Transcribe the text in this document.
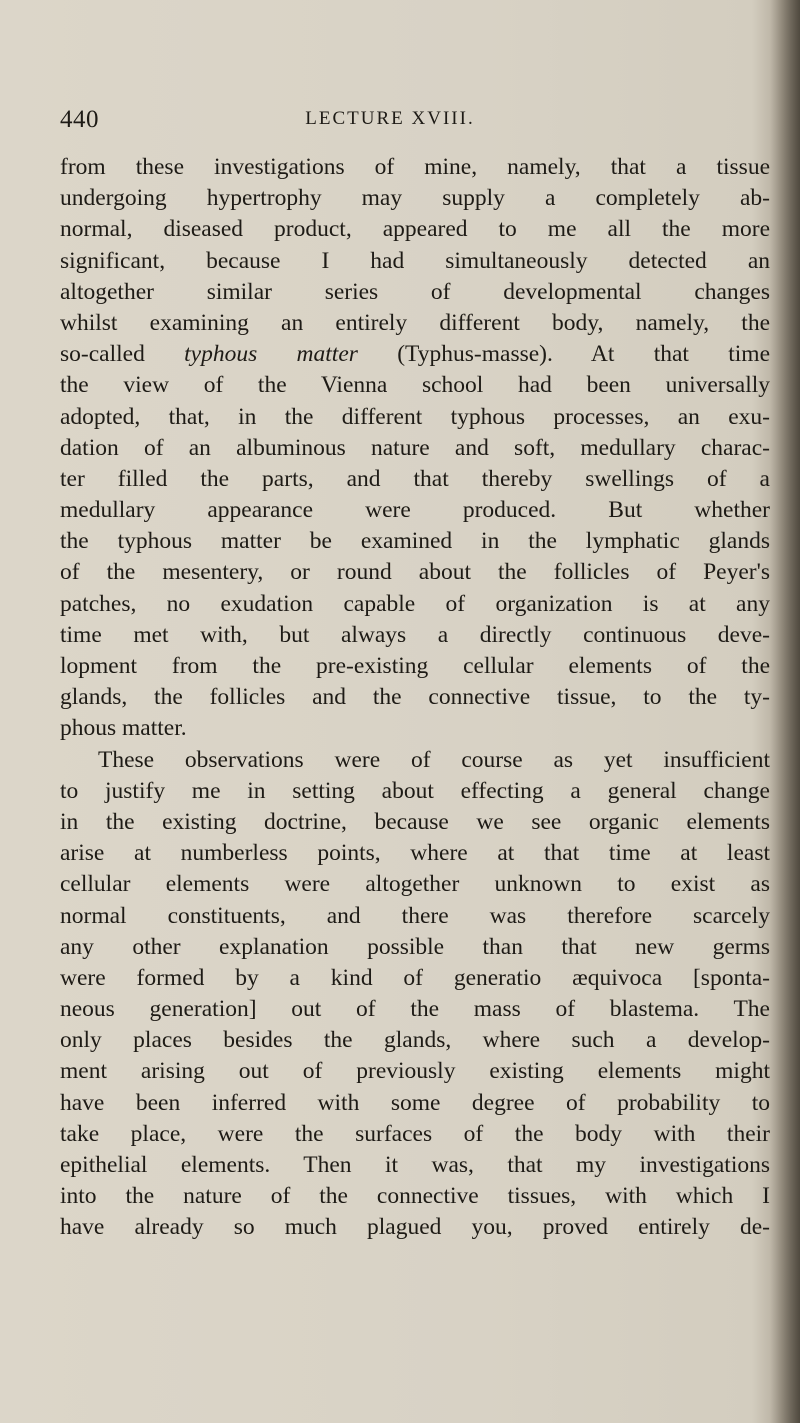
440	LECTURE XVIII.
from these investigations of mine, namely, that a tissue
undergoing hypertrophy may supply a completely ab-
normal, diseased product, appeared to me all the more
significant, because I had simultaneously detected an
altogether similar series of developmental changes
whilst examining an entirely different body, namely, the
so-called typhous matter (Typhus-masse). At that time
the view of the Vienna school had been universally
adopted, that, in the different typhous processes, an exu-
dation of an albuminous nature and soft, medullary charac-
ter filled the parts, and that thereby swellings of a
medullary appearance were produced. But whether
the typhous matter be examined in the lymphatic glands
of the mesentery, or round about the follicles of Peyer's
patches, no exudation capable of organization is at any
time met with, but always a directly continuous deve-
lopment from the pre-existing cellular elements of the
glands, the follicles and the connective tissue, to the ty-
phous matter.
These observations were of course as yet insufficient
to justify me in setting about effecting a general change
in the existing doctrine, because we see organic elements
arise at numberless points, where at that time at least
cellular elements were altogether unknown to exist as
normal constituents, and there was therefore scarcely
any other explanation possible than that new germs
were formed by a kind of generatio æquivoca [sponta-
neous generation] out of the mass of blastema. The
only places besides the glands, where such a develop-
ment arising out of previously existing elements might
have been inferred with some degree of probability to
take place, were the surfaces of the body with their
epithelial elements. Then it was, that my investigations
into the nature of the connective tissues, with which I
have already so much plagued you, proved entirely de-
